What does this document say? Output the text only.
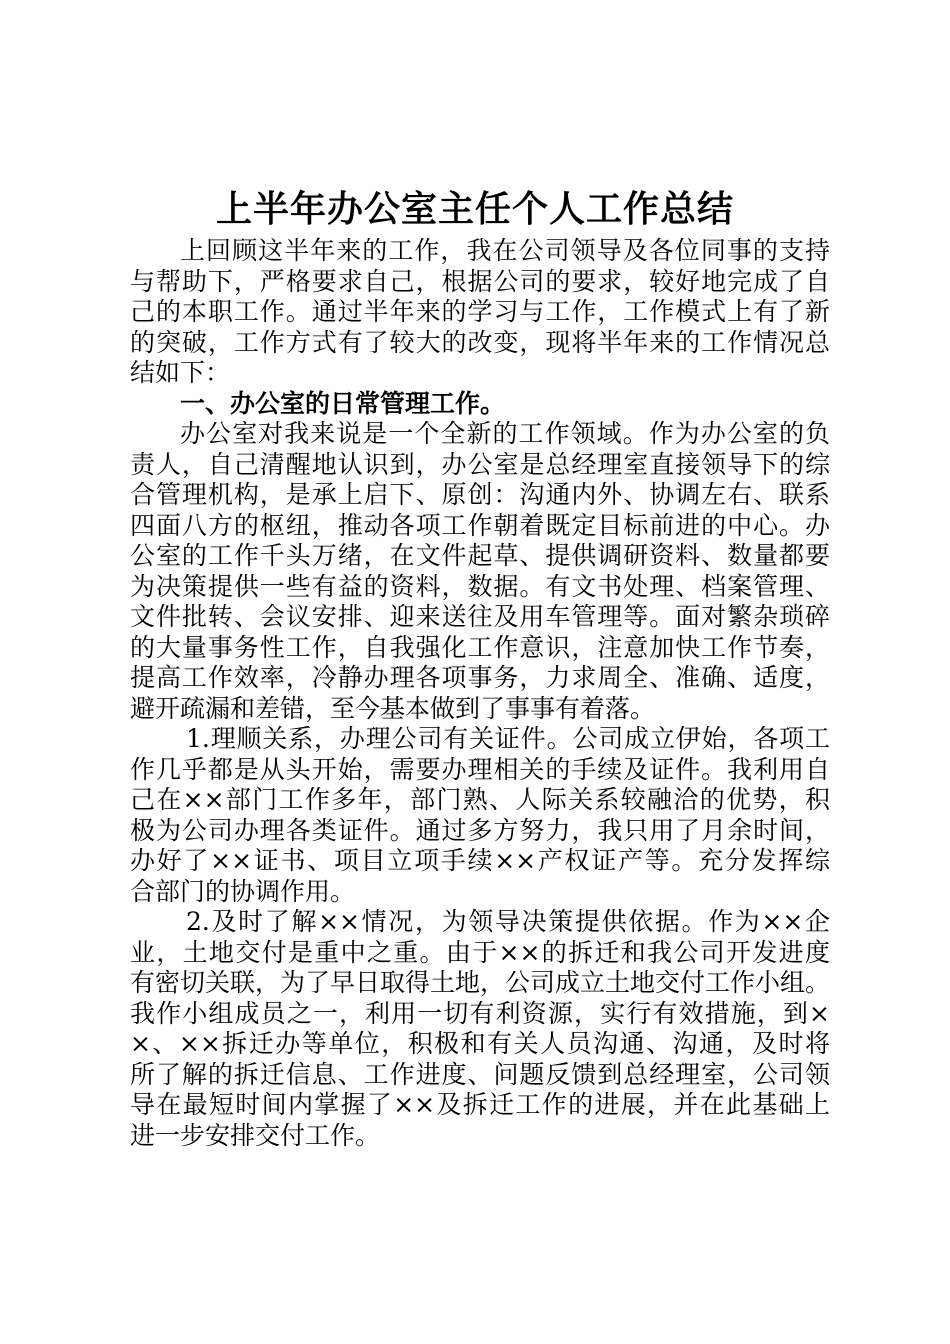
上半年办公室主任个人工作总结
上回顾这半年来的工作，我在公司领导及各位同事的支持
与帮助下，严格要求自己，根据公司的要求，较好地完成了自
己的本职工作。通过半年来的学习与工作，工作模式上有了新
的突破，工作方式有了较大的改变，现将半年来的工作情况总
结如下：
一、办公室的日常管理工作。
办公室对我来说是一个全新的工作领域。作为办公室的负
责人，自己清醒地认识到，办公室是总经理室直接领导下的综
合管理机构，是承上启下、原创：沟通内外、协调左右、联系
四面八方的枢纽，推动各项工作朝着既定目标前进的中心。办
公室的工作千头万绪，在文件起草、提供调研资料、数量都要
为决策提供一些有益的资料，数据。有文书处理、档案管理、
文件批转、会议安排、迎来送往及用车管理等。面对繁杂琐碎
的大量事务性工作，自我强化工作意识，注意加快工作节奏，
提高工作效率，冷静办理各项事务，力求周全、准确、适度，
避开疏漏和差错，至今基本做到了事事有着落。
1.理顺关系，办理公司有关证件。公司成立伊始，各项工
作几乎都是从头开始，需要办理相关的手续及证件。我利用自
己在××部门工作多年，部门熟、人际关系较融洽的优势，积
极为公司办理各类证件。通过多方努力，我只用了月余时间，
办好了××证书、项目立项手续××产权证产等。充分发挥综
合部门的协调作用。
2.及时了解××情况，为领导决策提供依据。作为××企
业，土地交付是重中之重。由于××的拆迁和我公司开发进度
有密切关联，为了早日取得土地，公司成立土地交付工作小组。
我作小组成员之一，利用一切有利资源，实行有效措施，到×
×、××拆迁办等单位，积极和有关人员沟通、沟通，及时将
所了解的拆迁信息、工作进度、问题反馈到总经理室，公司领
导在最短时间内掌握了××及拆迁工作的进展，并在此基础上
进一步安排交付工作。
